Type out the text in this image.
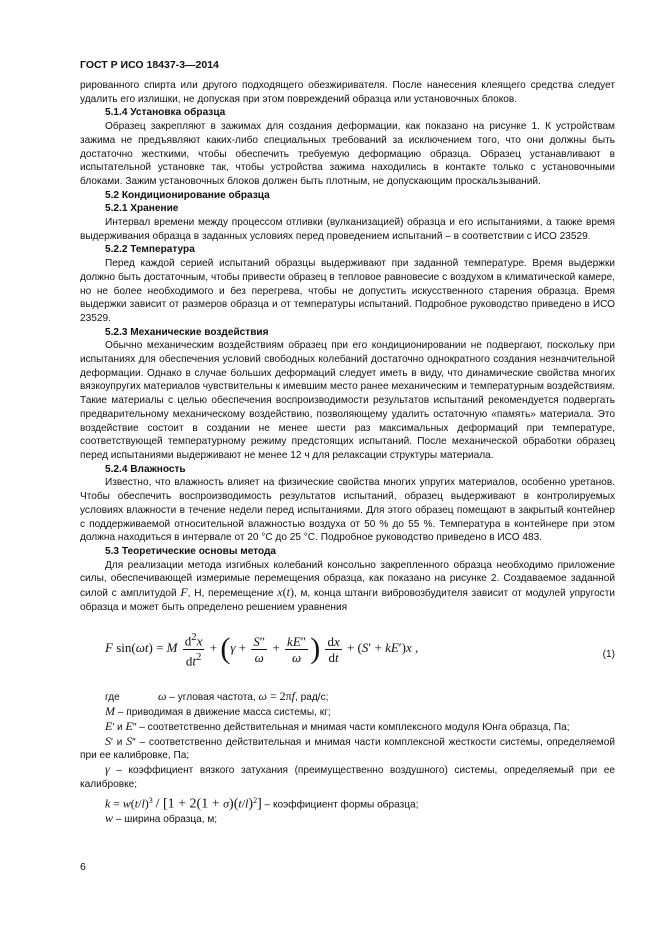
ГОСТ Р ИСО 18437-3—2014

рированного спирта или другого подходящего обезжиривателя. После нанесения клеящего средства следует удалить его излишки, не допуская при этом повреждений образца или установочных блоков.

5.1.4 Установка образца

Образец закрепляют в зажимах для создания деформации, как показано на рисунке 1. К устройствам зажима не предъявляют каких-либо специальных требований за исключением того, что они должны быть достаточно жесткими, чтобы обеспечить требуемую деформацию образца. Образец устанавливают в испытательной установке так, чтобы устройства зажима находились в контакте только с установочными блоками. Зажим установочных блоков должен быть плотным, не допускающим проскальзываний.

5.2 Кондиционирование образца

5.2.1 Хранение

Интервал времени между процессом отливки (вулканизацией) образца и его испытаниями, а также время выдерживания образца в заданных условиях перед проведением испытаний – в соответствии с ИСО 23529.

5.2.2 Температура

Перед каждой серией испытаний образцы выдерживают при заданной температуре. Время выдержки должно быть достаточным, чтобы привести образец в тепловое равновесие с воздухом в климатической камере, но не более необходимого и без перегрева, чтобы не допустить искусственного старения образца. Время выдержки зависит от размеров образца и от температуры испытаний. Подробное руководство приведено в ИСО 23529.

5.2.3 Механические воздействия

Обычно механическим воздействиям образец при его кондиционировании не подвергают, поскольку при испытаниях для обеспечения условий свободных колебаний достаточно однократного создания незначительной деформации. Однако в случае больших деформаций следует иметь в виду, что динамические свойства многих вязкоупругих материалов чувствительны к имевшим место ранее механическим и температурным воздействиям. Такие материалы с целью обеспечения воспроизводимости результатов испытаний рекомендуется подвергать предварительному механическому воздействию, позволяющему удалить остаточную «память» материала. Это воздействие состоит в создании не менее шести раз максимальных деформаций при температуре, соответствующей температурному режиму предстоящих испытаний. После механической обработки образец перед испытаниями выдерживают не менее 12 ч для релаксации структуры материала.

5.2.4 Влажность

Известно, что влажность влияет на физические свойства многих упругих материалов, особенно уретанов. Чтобы обеспечить воспроизводимость результатов испытаний, образец выдерживают в контролируемых условиях влажности в течение недели перед испытаниями. Для этого образец помещают в закрытый контейнер с поддерживаемой относительной влажностью воздуха от 50 % до 55 %. Температура в контейнере при этом должна находиться в интервале от 20 °C до 25 °C. Подробное руководство приведено в ИСО 483.

5.3 Теоретические основы метода

Для реализации метода изгибных колебаний консольно закрепленного образца необходимо приложение силы, обеспечивающей измеримые перемещения образца, как показано на рисунке 2. Создаваемое заданной силой с амплитудой F, Н, перемещение x(t), м, конца штанги вибровозбудителя зависит от модулей упругости образца и может быть определено решением уравнения

F sin(ωt) = M $\frac{d^2x}{dt^2} + (\gamma + \frac{S''}{\omega} + \frac{kE''}{\omega}$ ) $\frac{dx}{dt} + (S' + kE')x$ ,	(1)

где	ω – угловая частота, ω = 2πf, рад/с;

M – приводимая в движение масса системы, кг;

E′ и E″ – соответственно действительная и мнимая части комплексного модуля Юнга образца, Па;

S′ и S″ – соответственно действительная и мнимая части комплексной жесткости системы, определяемой при ее калибровке, Па;

γ – коэффициент вязкого затухания (преимущественно воздушного) системы, определяемый при ее калибровке;

$k = w(t/l)^3 / [1 + 2(1 + \sigma)(t/l)^2]$ – коэффициент формы образца;

w – ширина образца, м;

6
